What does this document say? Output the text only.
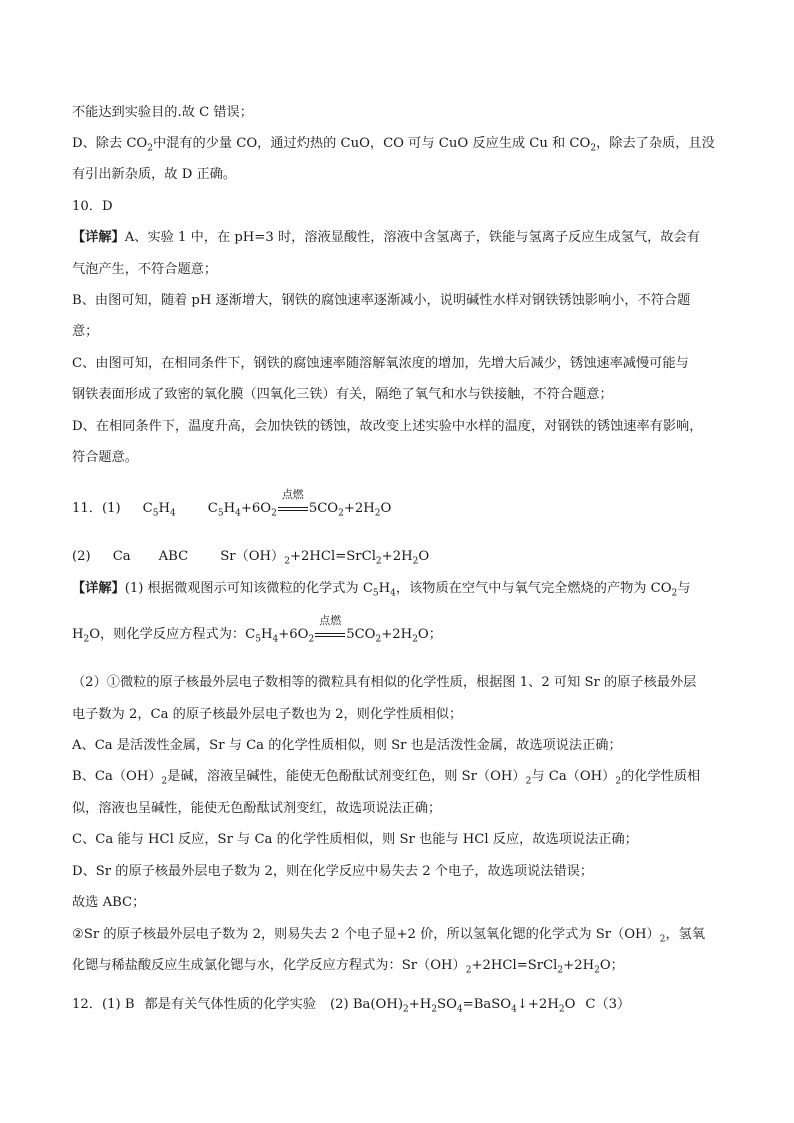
不能达到实验目的.故 C 错误；
D、除去 $CO_2$中混有的少量 CO，通过灼热的 CuO，CO 可与 CuO 反应生成 Cu 和 $CO_2$，除去了杂质，且没
有引出新杂质，故 D 正确。
10．D
【详解】A、实验 1 中，在 pH=3 时，溶液显酸性，溶液中含氢离子，铁能与氢离子反应生成氢气，故会有
气泡产生，不符合题意；
B、由图可知，随着 pH 逐渐增大，钢铁的腐蚀速率逐渐减小，说明碱性水样对钢铁锈蚀影响小，不符合题
意；
C、由图可知，在相同条件下，钢铁的腐蚀速率随溶解氧浓度的增加，先增大后减少，锈蚀速率减慢可能与
钢铁表面形成了致密的氧化膜（四氧化三铁）有关，隔绝了氧气和水与铁接触，不符合题意；
D、在相同条件下，温度升高，会加快铁的锈蚀，故改变上述实验中水样的温度，对钢铁的锈蚀速率有影响，
符合题意。
11．(1) $C_5H_4$ $C_5H_4+6O_2$
点燃
$5CO_2+2H_2O$
(2) Ca ABC $Sr(OH)_2+2HCl=SrCl_2+2H_2O$
【详解】(1) 根据微观图示可知该微粒的化学式为 $C_5H_4$，该物质在空气中与氧气完全燃烧的产物为 $CO_2$与
$H_2O$，则化学反应方程式为：$C_5H_4+6O_2$
点燃
$5CO_2+2H_2O$；
（2）①微粒的原子核最外层电子数相等的微粒具有相似的化学性质，根据图 1、2 可知 Sr 的原子核最外层
电子数为 2，Ca 的原子核最外层电子数也为 2，则化学性质相似；
A、Ca 是活泼性金属，Sr 与 Ca 的化学性质相似，则 Sr 也是活泼性金属，故选项说法正确；
B、$Ca(OH)_2$是碱，溶液呈碱性，能使无色酚酞试剂变红色，则 $Sr(OH)_2$与 $Ca(OH)_2$的化学性质相
似，溶液也呈碱性，能使无色酚酞试剂变红，故选项说法正确；
C、Ca 能与 HCl 反应，Sr 与 Ca 的化学性质相似，则 Sr 也能与 HCl 反应，故选项说法正确；
D、Sr 的原子核最外层电子数为 2，则在化学反应中易失去 2 个电子，故选项说法错误；
故选 ABC；
②Sr 的原子核最外层电子数为 2，则易失去 2 个电子显+2 价，所以氢氧化锶的化学式为 $Sr(OH)_2$，氢氧
化锶与稀盐酸反应生成氯化锶与水，化学反应方程式为：$Sr(OH)_2+2HCl=SrCl_2+2H_2O$；
12．(1) B 都是有关气体性质的化学实验 (2) $Ba(OH)_2+H_2SO_4=BaSO_4↓+2H_2O$ C（3）
